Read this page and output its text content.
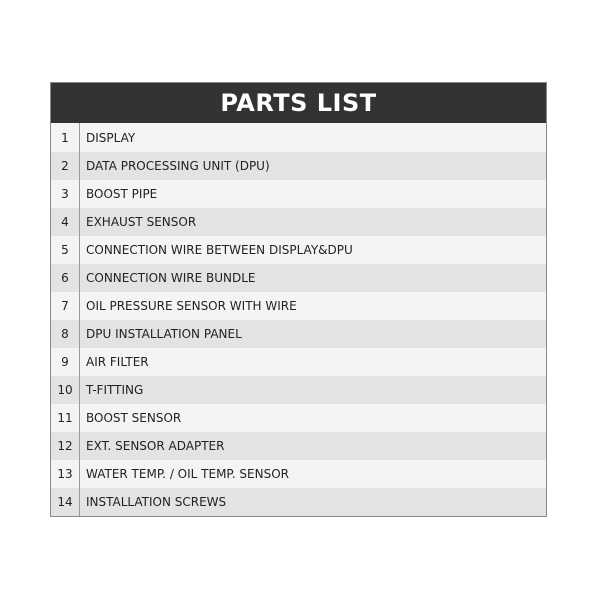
PARTS LIST
1	DISPLAY
2	DATA PROCESSING UNIT (DPU)
3	BOOST PIPE
4	EXHAUST SENSOR
5	CONNECTION WIRE BETWEEN DISPLAY&DPU
6	CONNECTION WIRE BUNDLE
7	OIL PRESSURE SENSOR WITH WIRE
8	DPU INSTALLATION PANEL
9	AIR FILTER
10	T-FITTING
11	BOOST SENSOR
12	EXT. SENSOR ADAPTER
13	WATER TEMP. / OIL TEMP. SENSOR
14	INSTALLATION SCREWS
